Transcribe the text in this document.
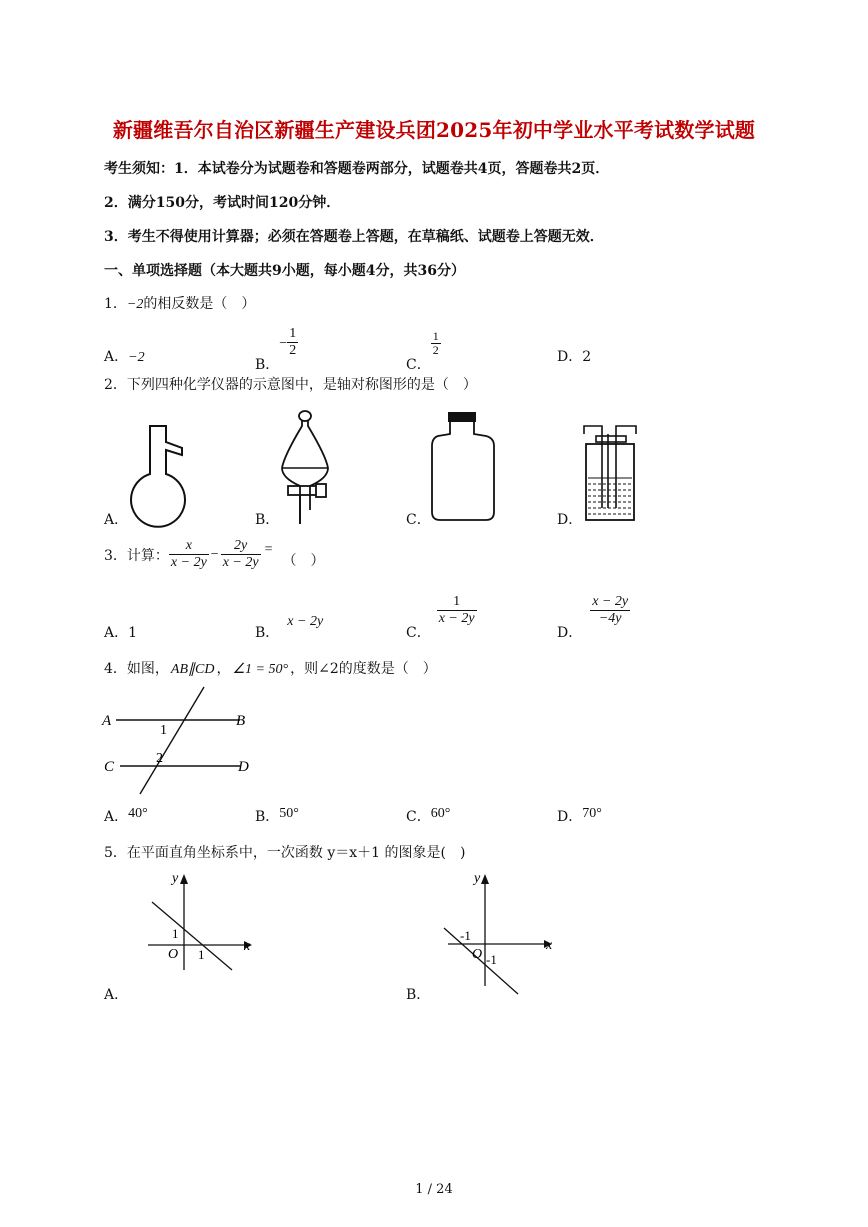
新疆维吾尔自治区新疆生产建设兵团2025年初中学业水平考试数学试题
考生须知：1．本试卷分为试题卷和答题卷两部分，试题卷共4页，答题卷共2页．
2．满分150分，考试时间120分钟．
3．考生不得使用计算器；必须在答题卷上答题，在草稿纸、试题卷上答题无效．
一、单项选择题（本大题共9小题，每小题4分，共36分）
1．−2的相反数是（　）
A．−2	B．− $\frac{1}{2}$
C．
$\frac{1}{2}$	D．2
2．下列四种化学仪器的示意图中，是轴对称图形的是（　）
A．	B．	C．	D．
3．计算： $\frac{x}{x - 2y} - \frac{2y}{x - 2y}$ =（　）
A．1	B．x − 2y
C．
$\frac{1}{x - 2y}$
D．
$\frac{x - 2y}{-4y}$
4．如图， AB∥CD ， ∠1 = 50° ，则∠2的度数是（　）
A	B
C	D
1
2
A．40°	B．50°	C．60°	D．70°
5．在平面直角坐标系中，一次函数 y＝x＋1 的图象是(　)
y
x
O
1
1
A．
y
x
O
-1
-1
B．
1 / 24
